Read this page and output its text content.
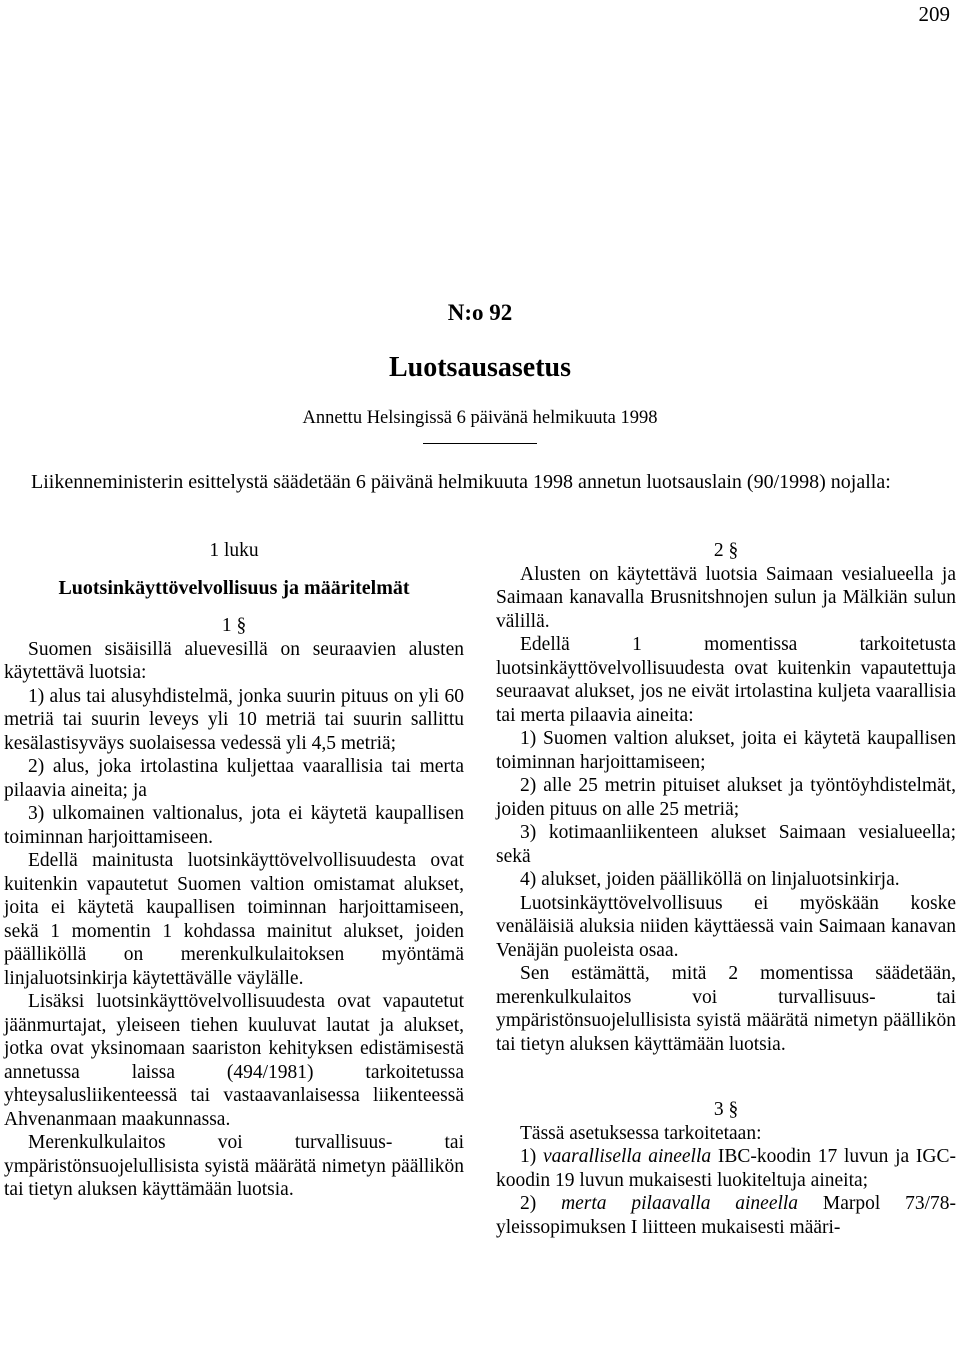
209
N:o 92
Luotsausasetus
Annettu Helsingissä 6 päivänä helmikuuta 1998

Liikenneministerin esittelystä säädetään 6 päivänä helmikuuta 1998 annetun luotsauslain (90/1998) nojalla:

1 luku

Luotsinkäyttövelvollisuus ja määritelmät

1 §

Suomen sisäisillä aluevesillä on seuraavien alusten käytettävä luotsia:

1) alus tai alusyhdistelmä, jonka suurin pituus on yli 60 metriä tai suurin leveys yli 10 metriä tai suurin sallittu kesälastisyväys suolaisessa vedessä yli 4,5 metriä;

2) alus, joka irtolastina kuljettaa vaarallisia tai merta pilaavia aineita; ja

3) ulkomainen valtionalus, jota ei käytetä kaupallisen toiminnan harjoittamiseen.

Edellä mainitusta luotsinkäyttövelvollisuudesta ovat kuitenkin vapautetut Suomen valtion omistamat alukset, joita ei käytetä kaupallisen toiminnan harjoittamiseen, sekä 1 momentin 1 kohdassa mainitut alukset, joiden päälliköllä on merenkulkulaitoksen myöntämä linjaluotsinkirja käytettävälle väylälle.

Lisäksi luotsinkäyttövelvollisuudesta ovat vapautetut jäänmurtajat, yleiseen tiehen kuuluvat lautat ja alukset, jotka ovat yksinomaan saariston kehityksen edistämisestä annetussa laissa (494/1981) tarkoitetussa yhteysalusliikenteessä tai vastaavanlaisessa liikenteessä Ahvenanmaan maakunnassa.

Merenkulkulaitos voi turvallisuus- tai ympäristönsuojelullisista syistä määrätä nimetyn päällikön tai tietyn aluksen käyttämään luotsia.

2 §

Alusten on käytettävä luotsia Saimaan vesialueella ja Saimaan kanavalla Brusnitshnojen sulun ja Mälkiän sulun välillä.

Edellä 1 momentissa tarkoitetusta luotsinkäyttövelvollisuudesta ovat kuitenkin vapautettuja seuraavat alukset, jos ne eivät irtolastina kuljeta vaarallisia tai merta pilaavia aineita:

1) Suomen valtion alukset, joita ei käytetä kaupallisen toiminnan harjoittamiseen;

2) alle 25 metrin pituiset alukset ja työntöyhdistelmät, joiden pituus on alle 25 metriä;

3) kotimaanliikenteen alukset Saimaan vesialueella; sekä

4) alukset, joiden päälliköllä on linjaluotsinkirja.

Luotsinkäyttövelvollisuus ei myöskään koske venäläisiä aluksia niiden käyttäessä vain Saimaan kanavan Venäjän puoleista osaa.

Sen estämättä, mitä 2 momentissa säädetään, merenkulkulaitos voi turvallisuus- tai ympäristönsuojelullisista syistä määrätä nimetyn päällikön tai tietyn aluksen käyttämään luotsia.

3 §

Tässä asetuksessa tarkoitetaan:

1) vaarallisella aineella IBC-koodin 17 luvun ja IGC-koodin 19 luvun mukaisesti luokiteltuja aineita;

2) merta pilaavalla aineella Marpol 73/78-yleissopimuksen I liitteen mukaisesti määri-
